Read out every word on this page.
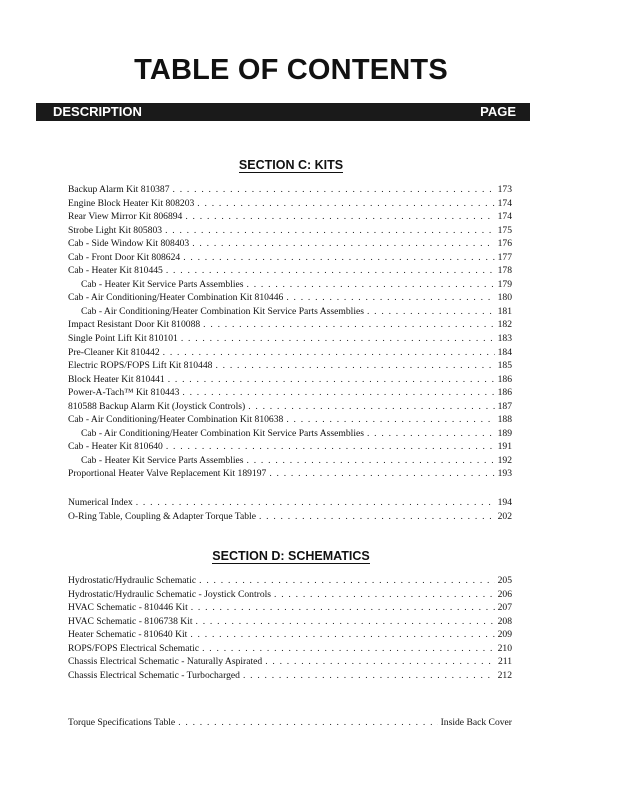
TABLE OF CONTENTS
DESCRIPTION	PAGE
SECTION C: KITS
Backup Alarm Kit 810387 . . .	173
Engine Block Heater Kit 808203 . . .	174
Rear View Mirror Kit 806894 . . .	174
Strobe Light Kit 805803 . . .	175
Cab - Side Window Kit 808403 . . .	176
Cab - Front Door Kit 808624 . . .	177
Cab - Heater Kit 810445 . . .	178
Cab - Heater Kit Service Parts Assemblies . . .	179
Cab - Air Conditioning/Heater Combination Kit 810446 . . .	180
Cab - Air Conditioning/Heater Combination Kit Service Parts Assemblies . . .	181
Impact Resistant Door Kit 810088 . . .	182
Single Point Lift Kit 810101 . . .	183
Pre-Cleaner Kit 810442 . . .	184
Electric ROPS/FOPS Lift Kit 810448 . . .	185
Block Heater Kit 810441 . . .	186
Power-A-Tach™ Kit 810443 . . .	186
810588 Backup Alarm Kit (Joystick Controls) . . .	187
Cab - Air Conditioning/Heater Combination Kit 810638 . . .	188
Cab - Air Conditioning/Heater Combination Kit Service Parts Assemblies . . .	189
Cab - Heater Kit 810640 . . .	191
Cab - Heater Kit Service Parts Assemblies . . .	192
Proportional Heater Valve Replacement Kit 189197 . . .	193
Numerical Index . . .	194
O-Ring Table, Coupling & Adapter Torque Table . . .	202
SECTION D: SCHEMATICS
Hydrostatic/Hydraulic Schematic . . .	205
Hydrostatic/Hydraulic Schematic - Joystick Controls . . .	206
HVAC Schematic - 810446 Kit . . .	207
HVAC Schematic - 8106738 Kit . . .	208
Heater Schematic - 810640 Kit . . .	209
ROPS/FOPS Electrical Schematic . . .	210
Chassis Electrical Schematic - Naturally Aspirated . . .	211
Chassis Electrical Schematic - Turbocharged . . .	212
Torque Specifications Table . . .	Inside Back Cover
